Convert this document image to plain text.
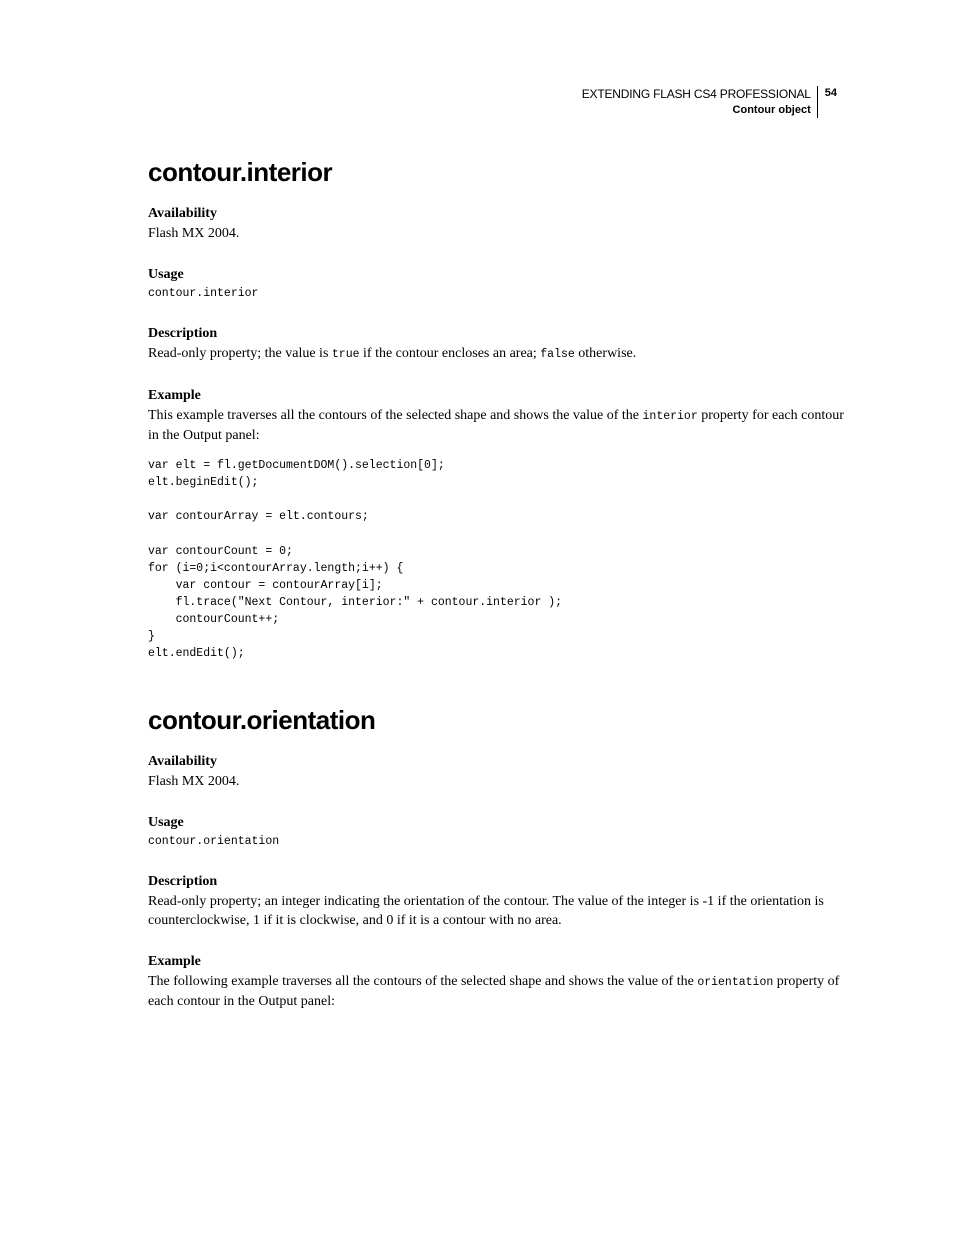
EXTENDING FLASH CS4 PROFESSIONAL
Contour object
54
contour.interior
Availability

Flash MX 2004.

Usage
contour.interior
Description

Read-only property; the value is true if the contour encloses an area; false otherwise.

Example

This example traverses all the contours of the selected shape and shows the value of the interior property for each contour in the Output panel:

var elt = fl.getDocumentDOM().selection[0];
elt.beginEdit();
var contourArray = elt.contours;
var contourCount = 0;
for (i=0;i<contourArray.length;i++) {
var contour = contourArray[i];
fl.trace("Next Contour, interior:" + contour.interior );
contourCount++;
}
elt.endEdit();
contour.orientation
Availability

Flash MX 2004.

Usage
contour.orientation
Description

Read-only property; an integer indicating the orientation of the contour. The value of the integer is -1 if the orientation is counterclockwise, 1 if it is clockwise, and 0 if it is a contour with no area.

Example

The following example traverses all the contours of the selected shape and shows the value of the orientation property of each contour in the Output panel:
